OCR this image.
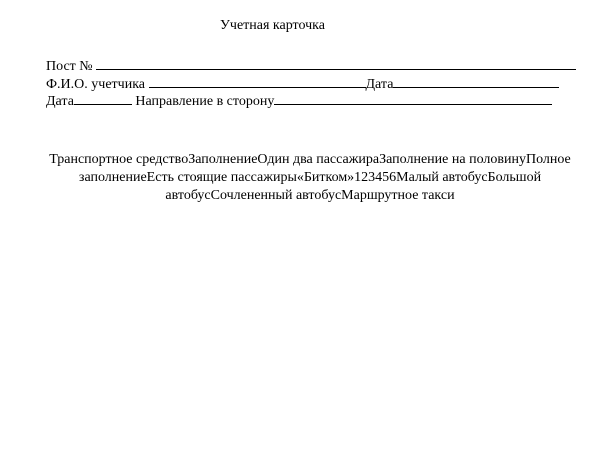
Учетная карточка
Пост №
Ф.И.О. учетчика	Дата
Дата	Направление в сторону
Транспортное средствоЗаполнениеОдин два пассажираЗаполнение на половинуПолное заполнениеЕсть стоящие пассажиры«Битком»123456Малый автобусБольшой автобусСочлененный автобусМаршрутное такси
